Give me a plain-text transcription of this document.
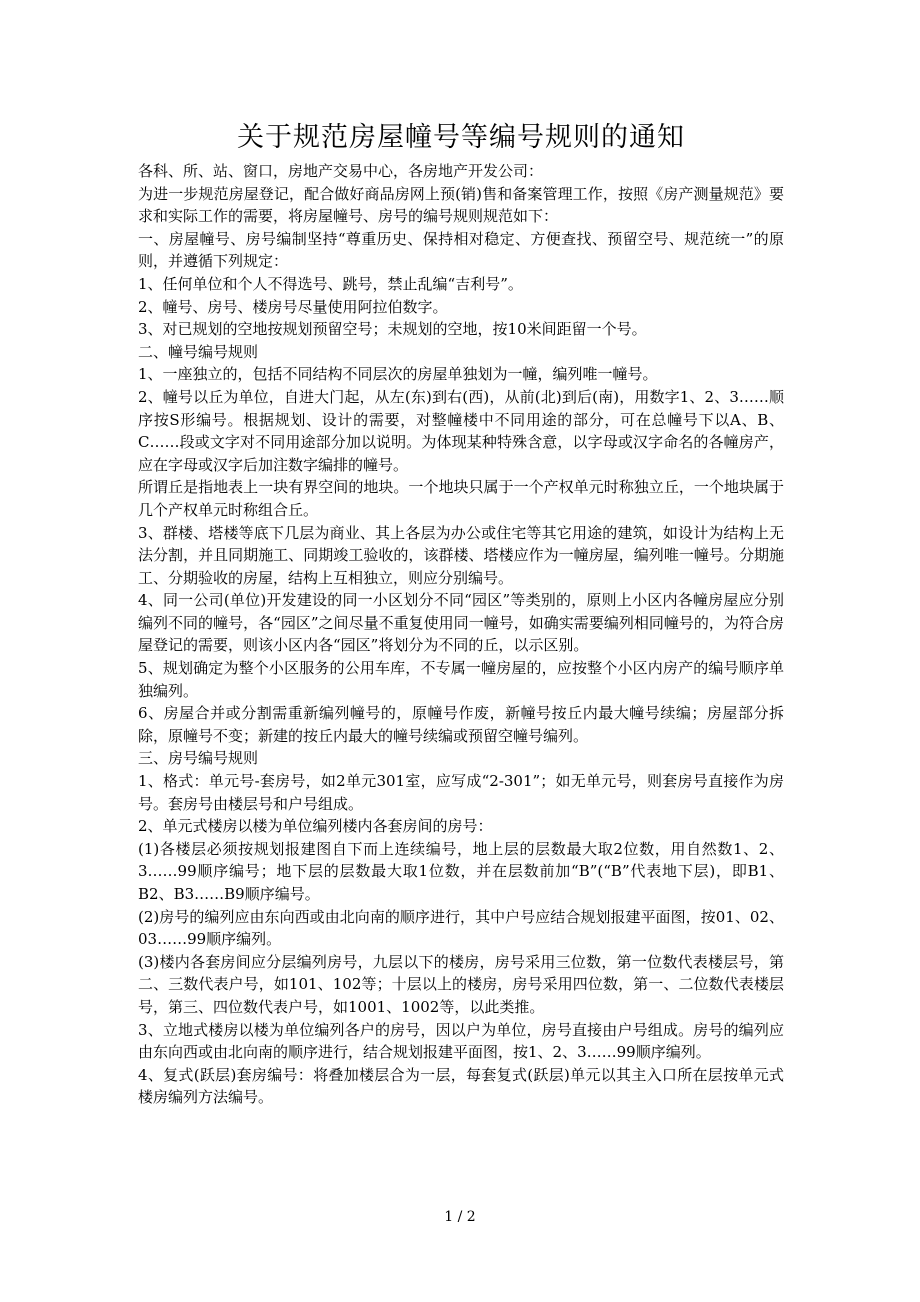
关于规范房屋幢号等编号规则的通知

各科、所、站、窗口，房地产交易中心，各房地产开发公司：

为进一步规范房屋登记，配合做好商品房网上预(销)售和备案管理工作，按照《房产测量规范》要求和实际工作的需要，将房屋幢号、房号的编号规则规范如下：

一、房屋幢号、房号编制坚持“尊重历史、保持相对稳定、方便查找、预留空号、规范统一”的原则，并遵循下列规定：

1、任何单位和个人不得选号、跳号，禁止乱编“吉利号”。

2、幢号、房号、楼房号尽量使用阿拉伯数字。

3、对已规划的空地按规划预留空号；未规划的空地，按10米间距留一个号。

二、幢号编号规则

1、一座独立的，包括不同结构不同层次的房屋单独划为一幢，编列唯一幢号。

2、幢号以丘为单位，自进大门起，从左(东)到右(西)，从前(北)到后(南)，用数字1、2、3……顺序按S形编号。根据规划、设计的需要，对整幢楼中不同用途的部分，可在总幢号下以A、B、C……段或文字对不同用途部分加以说明。为体现某种特殊含意，以字母或汉字命名的各幢房产，应在字母或汉字后加注数字编排的幢号。

所谓丘是指地表上一块有界空间的地块。一个地块只属于一个产权单元时称独立丘，一个地块属于几个产权单元时称组合丘。

3、群楼、塔楼等底下几层为商业、其上各层为办公或住宅等其它用途的建筑，如设计为结构上无法分割，并且同期施工、同期竣工验收的，该群楼、塔楼应作为一幢房屋，编列唯一幢号。分期施工、分期验收的房屋，结构上互相独立，则应分别编号。

4、同一公司(单位)开发建设的同一小区划分不同“园区”等类别的，原则上小区内各幢房屋应分别编列不同的幢号，各“园区”之间尽量不重复使用同一幢号，如确实需要编列相同幢号的，为符合房屋登记的需要，则该小区内各“园区”将划分为不同的丘，以示区别。

5、规划确定为整个小区服务的公用车库，不专属一幢房屋的，应按整个小区内房产的编号顺序单独编列。

6、房屋合并或分割需重新编列幢号的，原幢号作废，新幢号按丘内最大幢号续编；房屋部分拆除，原幢号不变；新建的按丘内最大的幢号续编或预留空幢号编列。

三、房号编号规则

1、格式：单元号-套房号，如2单元301室，应写成“2-301”；如无单元号，则套房号直接作为房号。套房号由楼层号和户号组成。

2、单元式楼房以楼为单位编列楼内各套房间的房号：

(1)各楼层必须按规划报建图自下而上连续编号，地上层的层数最大取2位数，用自然数1、2、3……99顺序编号；地下层的层数最大取1位数，并在层数前加“B”(“B”代表地下层)，即B1、B2、B3……B9顺序编号。

(2)房号的编列应由东向西或由北向南的顺序进行，其中户号应结合规划报建平面图，按01、02、03……99顺序编列。

(3)楼内各套房间应分层编列房号，九层以下的楼房，房号采用三位数，第一位数代表楼层号，第二、三数代表户号，如101、102等；十层以上的楼房，房号采用四位数，第一、二位数代表楼层号，第三、四位数代表户号，如1001、1002等，以此类推。

3、立地式楼房以楼为单位编列各户的房号，因以户为单位，房号直接由户号组成。房号的编列应由东向西或由北向南的顺序进行，结合规划报建平面图，按1、2、3……99顺序编列。

4、复式(跃层)套房编号：将叠加楼层合为一层，每套复式(跃层)单元以其主入口所在层按单元式楼房编列方法编号。

1 / 2
